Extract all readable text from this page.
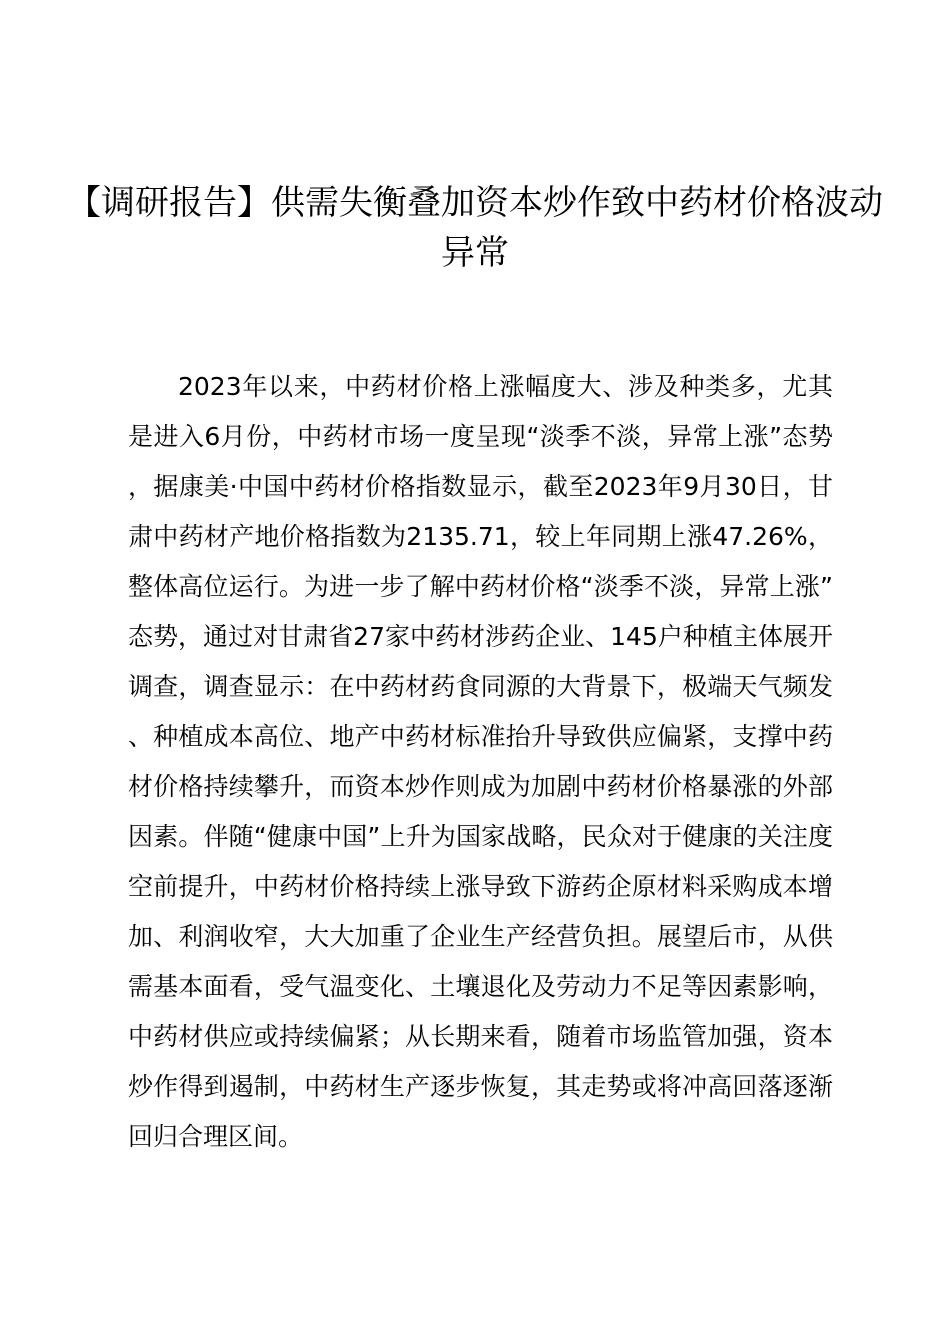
【调研报告】供需失衡叠加资本炒作致中药材价格波动异常

2023年以来，中药材价格上涨幅度大、涉及种类多，尤其是进入6月份，中药材市场一度呈现“淡季不淡，异常上涨”态势，据康美·中国中药材价格指数显示，截至2023年9月30日，甘肃中药材产地价格指数为2135.71，较上年同期上涨47.26%，整体高位运行。为进一步了解中药材价格“淡季不淡，异常上涨”态势，通过对甘肃省27家中药材涉药企业、145户种植主体展开调查，调查显示：在中药材药食同源的大背景下，极端天气频发、种植成本高位、地产中药材标准抬升导致供应偏紧，支撑中药材价格持续攀升，而资本炒作则成为加剧中药材价格暴涨的外部因素。伴随“健康中国”上升为国家战略，民众对于健康的关注度空前提升，中药材价格持续上涨导致下游药企原材料采购成本增加、利润收窄，大大加重了企业生产经营负担。展望后市，从供需基本面看，受气温变化、土壤退化及劳动力不足等因素影响，中药材供应或持续偏紧；从长期来看，随着市场监管加强，资本炒作得到遏制，中药材生产逐步恢复，其走势或将冲高回落逐渐回归合理区间。
